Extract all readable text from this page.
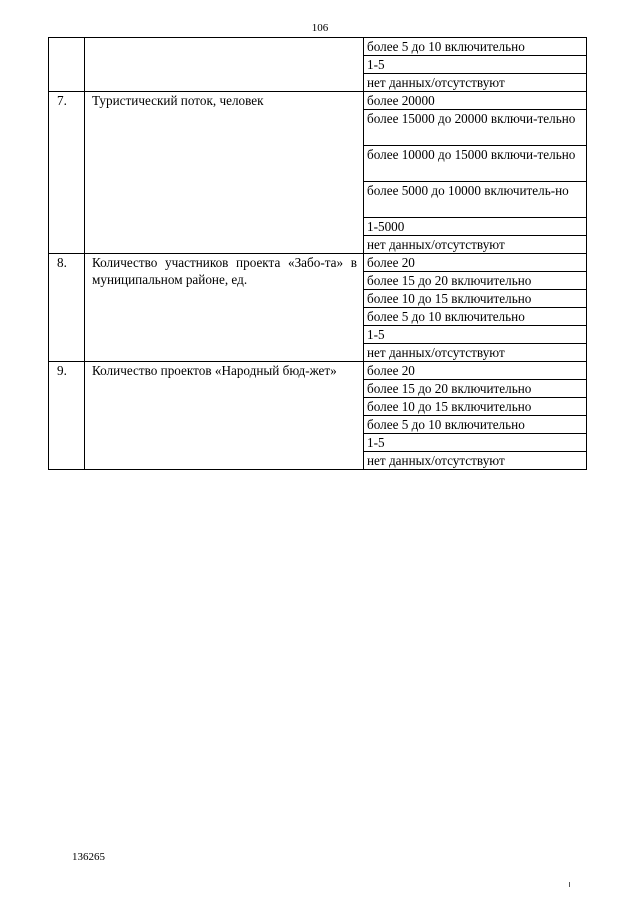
106
		более 5 до 10 включительно
		1-5
		нет данных/отсутствуют
7.	Туристический поток, человек	более 20000
		более 15000 до 20000 включи-тельно
		более 10000 до 15000 включи-тельно
		более 5000 до 10000 включитель-но
		1-5000
		нет данных/отсутствуют
8.	Количество участников проекта «Забо-та» в муниципальном районе, ед.	более 20
		более 15 до 20 включительно
		более 10 до 15 включительно
		более 5 до 10 включительно
		1-5
		нет данных/отсутствуют
9.	Количество проектов «Народный бюд-жет»	более 20
		более 15 до 20 включительно
		более 10 до 15 включительно
		более 5 до 10 включительно
		1-5
		нет данных/отсутствуют
136265
